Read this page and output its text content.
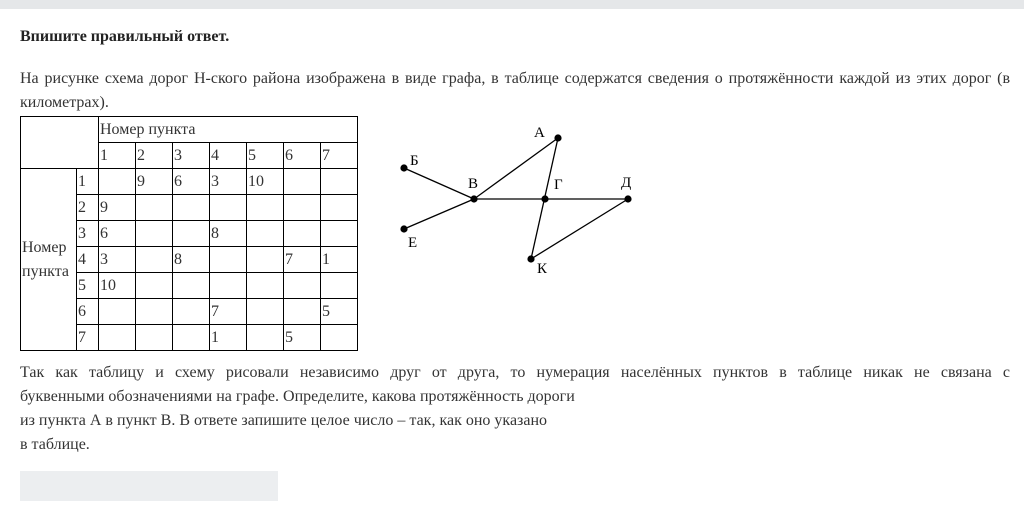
Впишите правильный ответ.
На рисунке схема дорог Н-ского района изображена в виде графа, в таблице содержатся сведения о протяжённости каждой из этих дорог (в километрах).
		Номер пункта						
		1	2	3	4	5	6	7

Номер
пункта	1		9	6	3	10		
	2	9						
	3	6			8			
	4	3		8			7	1
	5	10						
	6				7			5
	7				1		5	
А
Б
В	Г	Д
Е
К
Так как таблицу и схему рисовали независимо друг от друга, то нумерация населённых пунктов в таблице никак не связана с
буквенными обозначениями на графе. Определите, какова протяжённость дороги
из пункта А в пункт В. В ответе запишите целое число – так, как оно указано
в таблице.
